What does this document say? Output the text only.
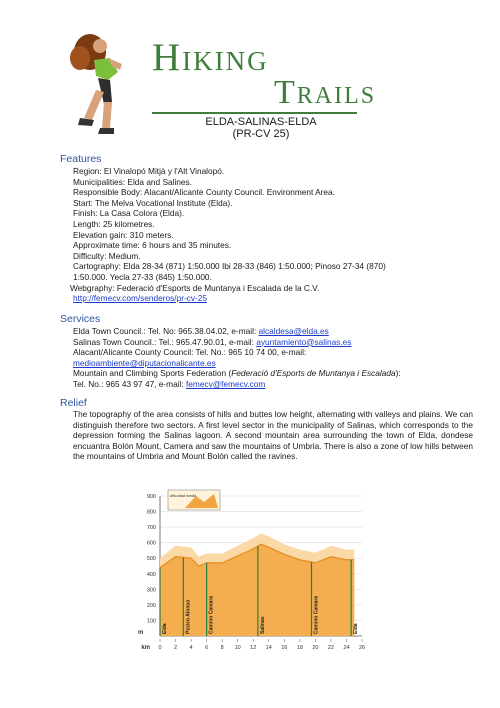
Hiking
Trails
ELDA-SALINAS-ELDA
(PR-CV 25)
Features
Region: El Vinalopó Mitjà y l'Alt Vinalopó.
Municipalities: Elda and Salines.
Responsible Body: Alacant/Alicante County Council. Environment Area.
Start: The Melva Vocational Institute (Elda).
Finish: La Casa Colora (Elda).
Length: 25 kilometres.
Elevation gain: 310 meters.
Approximate time: 6 hours and 35 minutes.
Difficulty: Medium.
Cartography: Elda 28-34 (871) 1:50.000 Ibi 28-33 (846) 1:50.000; Pinoso 27-34 (870)
1:50.000. Yecla 27-33 (845) 1:50.000.
Webgraphy: Federació d'Esports de Muntanya i Escalada de la C.V.
http://femecv.com/senderos/pr-cv-25
Services
Elda Town Council.: Tel. No: 965.38.04.02, e-mail: alcaldesa@elda.es
Salinas Town Council.: Tel.: 965.47.90.01, e-mail: ayuntamiento@salinas.es
Alacant/Alicante County Council: Tel. No.: 965 10 74 00, e-mail:
medioambiente@diputacionalicante.es
Mountain and Climbing Sports Federation (Federació d'Esports de Muntanya i Escalada):
Tel. No.: 965 43 97 47, e-mail: femecv@femecv.com
Relief
The topography of the area consists of hills and buttes low height, alternating with valleys and plains. We can distinguish therefore two sectors. A first level sector in the municipality of Salinas, which corresponds to the depression forming the Salinas lagoon. A second mountain area surrounding the town of Elda, dondese encuantra Bolón Mount, Camera and saw the mountains of Umbria. There is also a zone of low hills between the mountains of Umbria and Mount Bolón called the ravines.
100
200
300
400
500
600
700
800
900
0 2 4 6 8 10 12 14 16 18 20 22 24 26
km
m	Elda	Pozico Alonso	Camino Camara	Salinas	Camino Camara	Elda
dificultad media
